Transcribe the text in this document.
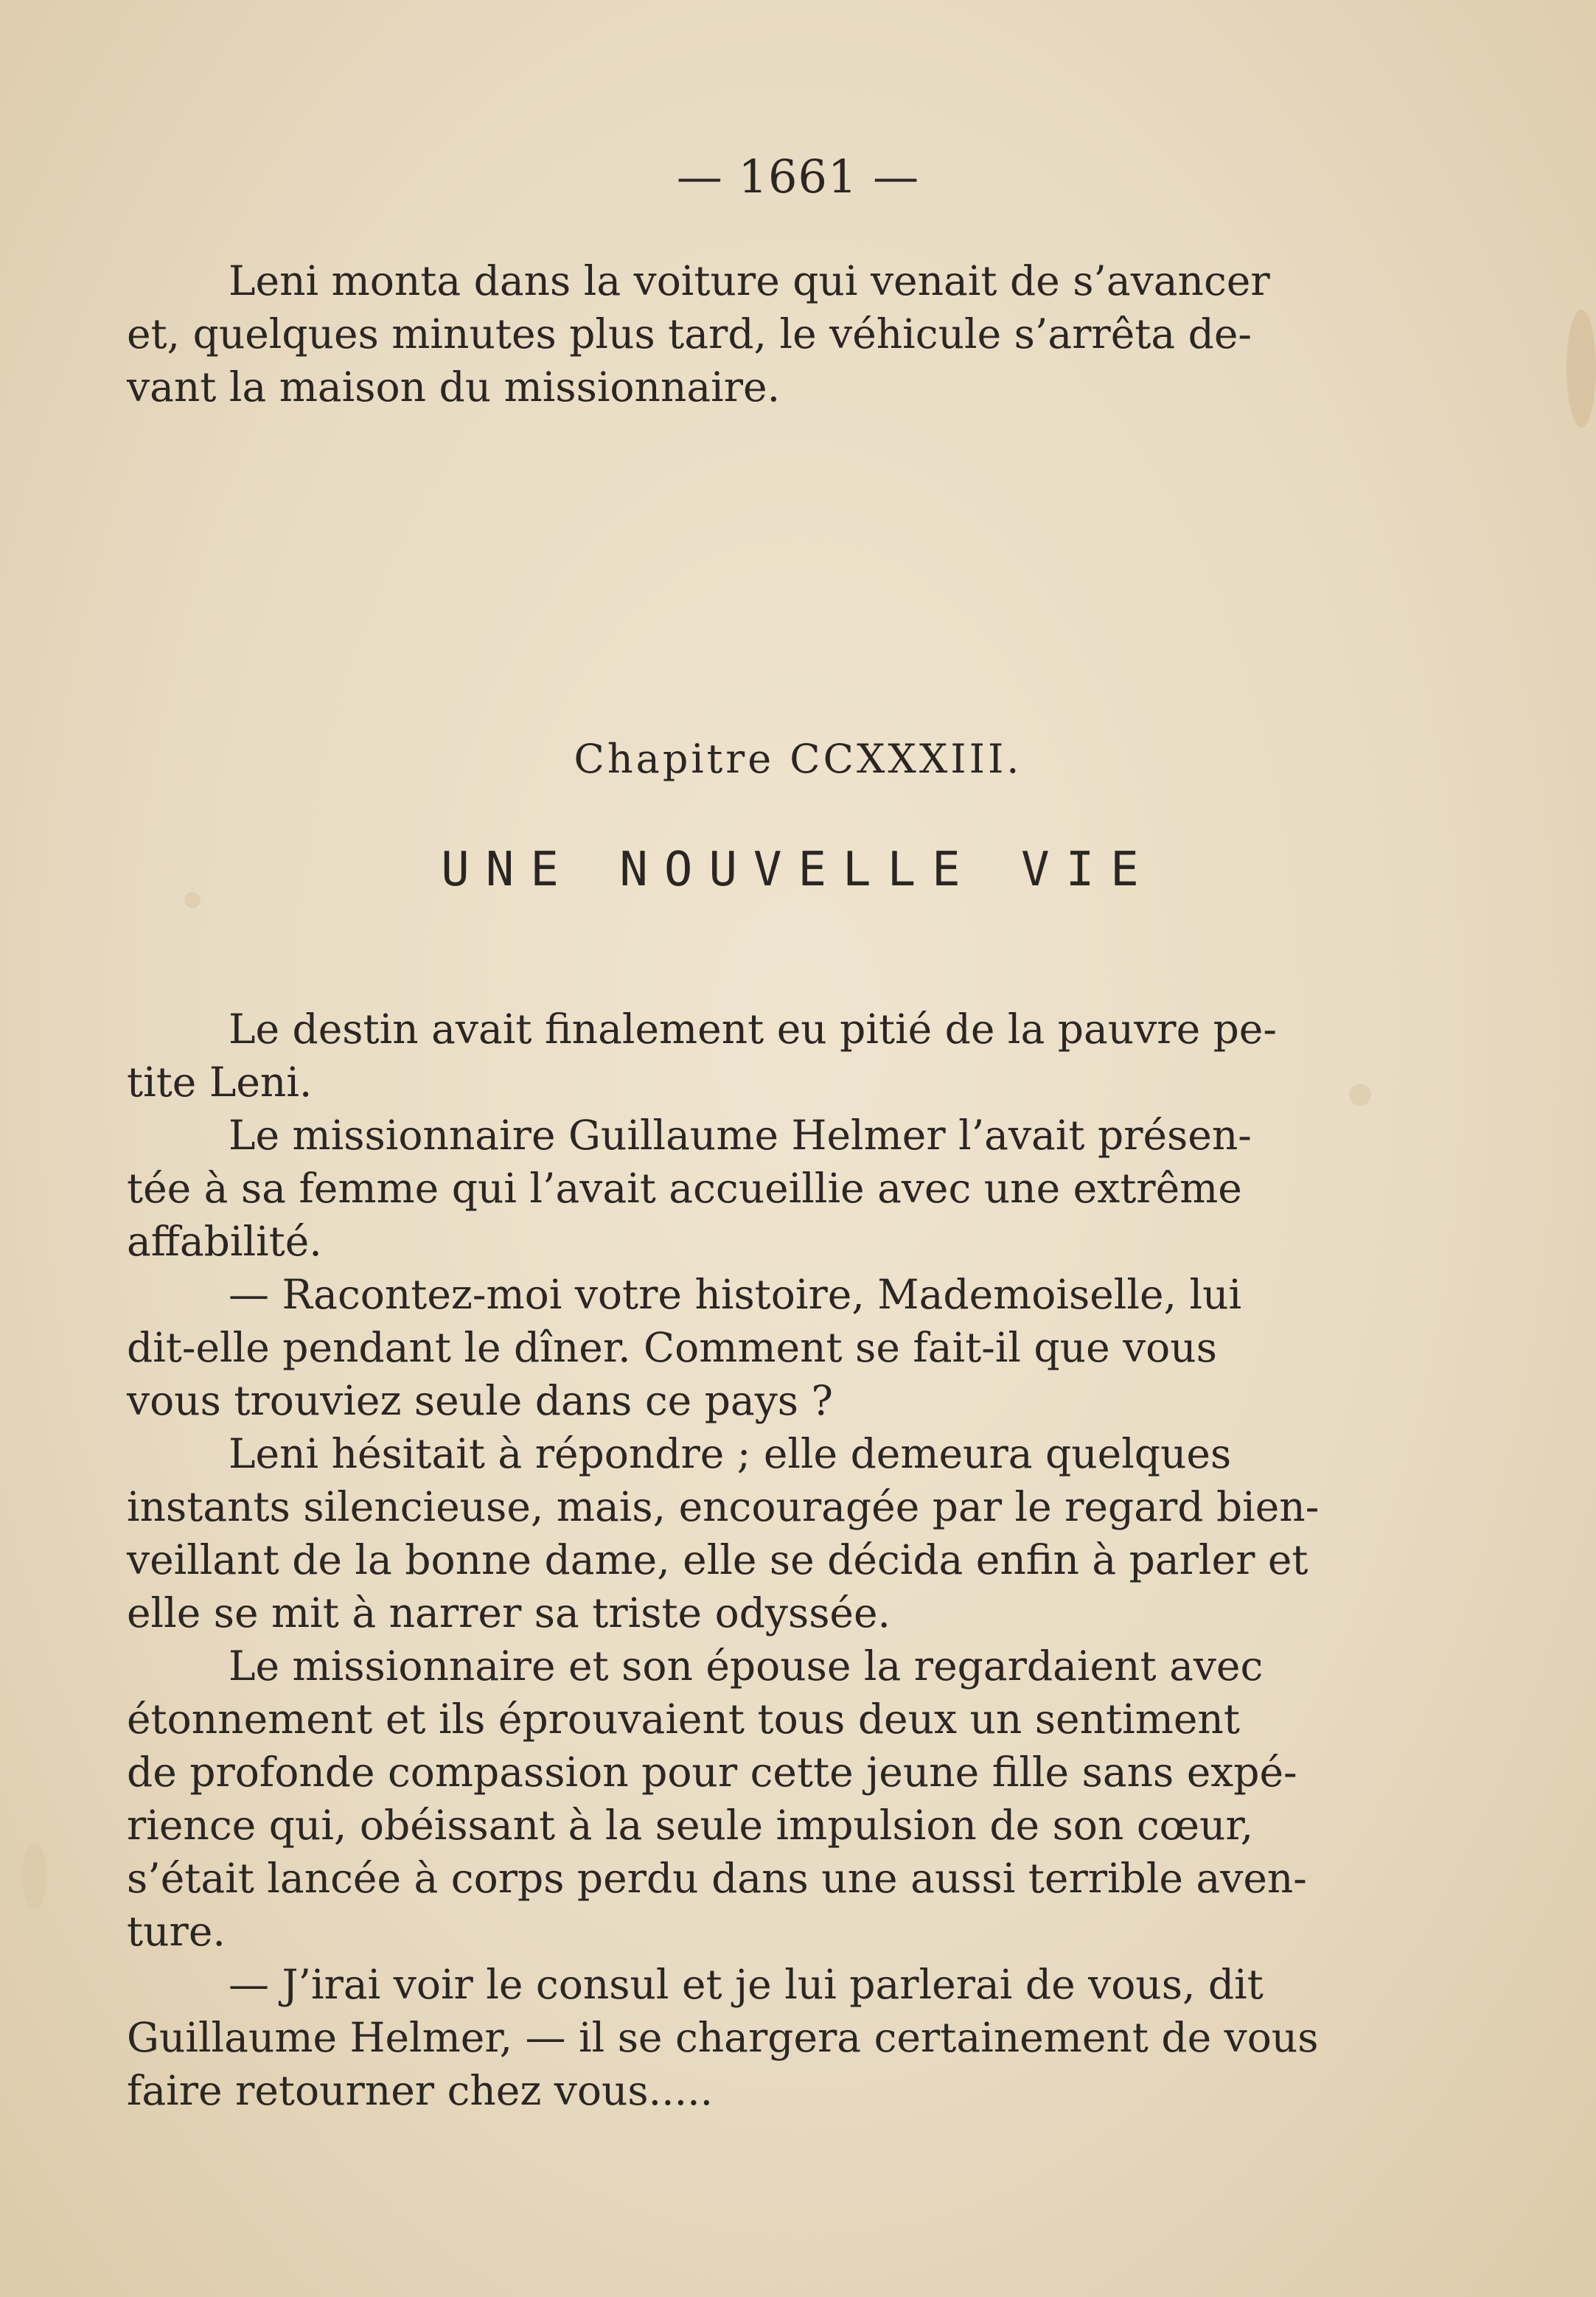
— 1661 —

Leni monta dans la voiture qui venait de s’avancer
et, quelques minutes plus tard, le véhicule s’arrêta de-
vant la maison du missionnaire.

Chapitre CCXXXIII.
UNE NOUVELLE VIE

Le destin avait finalement eu pitié de la pauvre pe-
tite Leni.

Le missionnaire Guillaume Helmer l’avait présen-
tée à sa femme qui l’avait accueillie avec une extrême
affabilité.

— Racontez-moi votre histoire, Mademoiselle, lui
dit-elle pendant le dîner. Comment se fait-il que vous
vous trouviez seule dans ce pays ?

Leni hésitait à répondre ; elle demeura quelques
instants silencieuse, mais, encouragée par le regard bien-
veillant de la bonne dame, elle se décida enfin à parler et
elle se mit à narrer sa triste odyssée.

Le missionnaire et son épouse la regardaient avec
étonnement et ils éprouvaient tous deux un sentiment
de profonde compassion pour cette jeune fille sans expé-
rience qui, obéissant à la seule impulsion de son cœur,
s’était lancée à corps perdu dans une aussi terrible aven-
ture.

— J’irai voir le consul et je lui parlerai de vous, dit
Guillaume Helmer, — il se chargera certainement de vous
faire retourner chez vous.....
